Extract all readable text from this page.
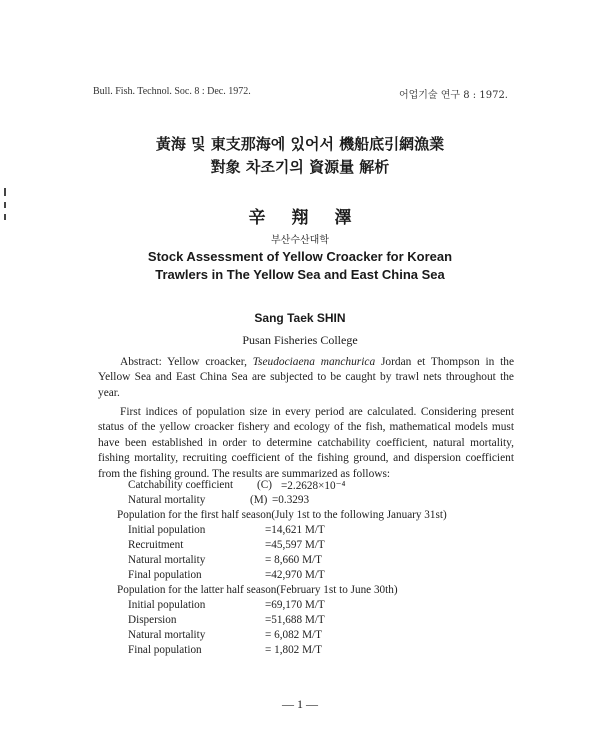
Bull. Fish. Technol. Soc. 8 : Dec. 1972.	어업기술 연구 8 : 1972.
黃海 및 東支那海에 있어서 機船底引網漁業
對象 차조기의 資源量 解析
辛翔澤
부산수산대학
Stock Assessment of Yellow Croacker for Korean
Trawlers in The Yellow Sea and East China Sea
Sang Taek SHIN
Pusan Fisheries College
Abstract: Yellow croacker, Tseudociaena manchurica Jordan et Thompson in the Yellow Sea and East China Sea are subjected to be caught by trawl nets throughout the year.
First indices of population size in every period are calculated. Considering present status of the yellow croacker fishery and ecology of the fish, mathematical models must have been established in order to determine catchability coefficient, natural mortality, fishing mortality, recruiting coefficient of the fishing ground, and dispersion coefficient from the fishing ground. The results are summarized as follows:
Catchability coefficient (C) =2.2628×10⁻⁴
Natural mortality	(M) =0.3293
Population for the first half season(July 1st to the following January 31st)
Initial population	=14,621 M/T
Recruitment	=45,597 M/T
Natural mortality	= 8,660 M/T
Final population	=42,970 M/T
Population for the latter half season(February 1st to June 30th)
Initial population	=69,170 M/T
Dispersion	=51,688 M/T
Natural mortality	= 6,082 M/T
Final population	= 1,802 M/T
— 1 —
